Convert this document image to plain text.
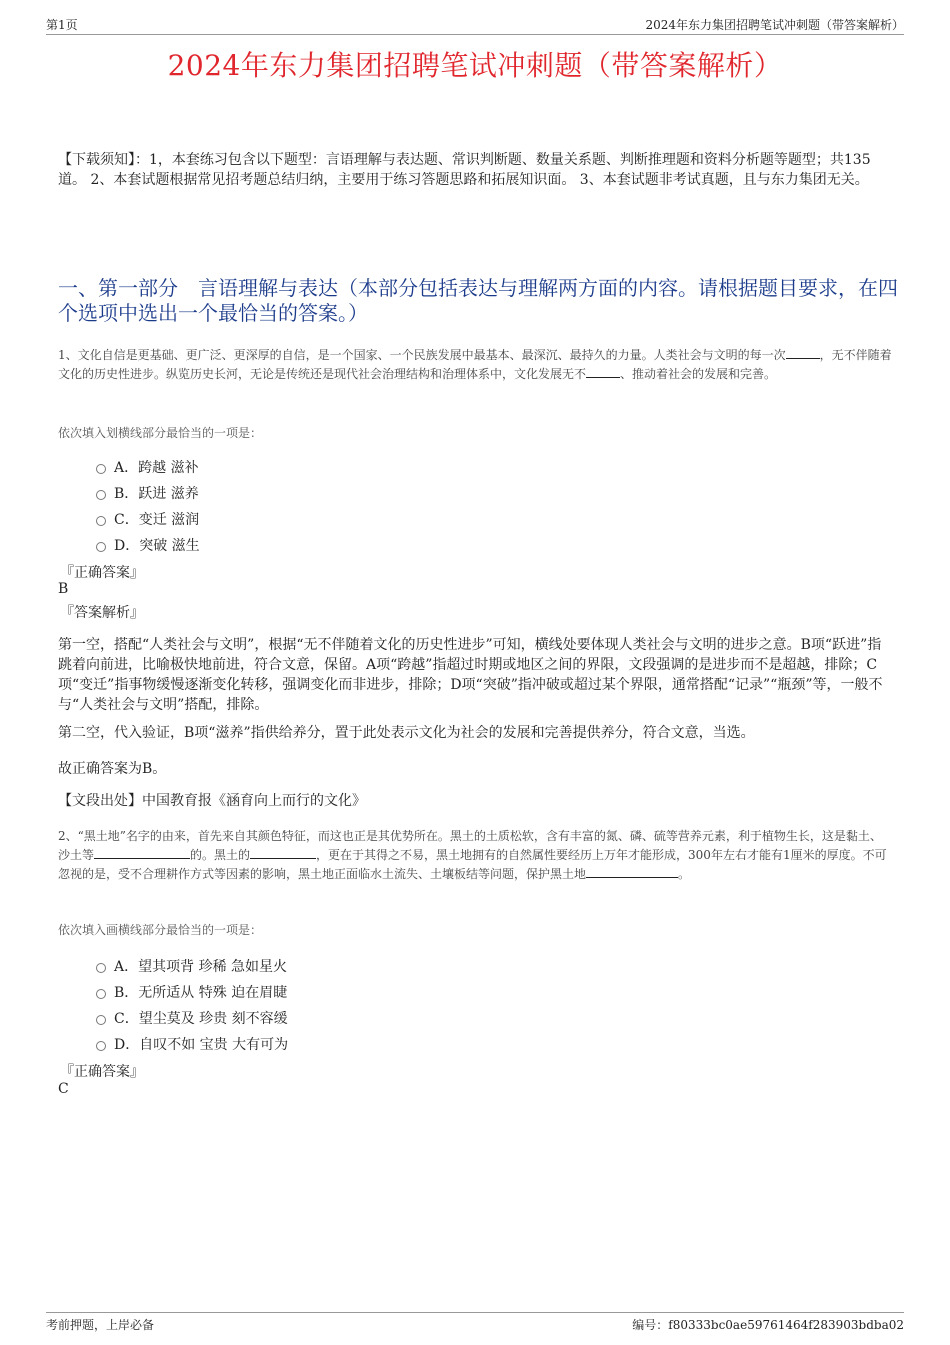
第1页	2024年东力集团招聘笔试冲刺题（带答案解析）
2024年东力集团招聘笔试冲刺题（带答案解析）
【下载须知】：1，本套练习包含以下题型：言语理解与表达题、常识判断题、数量关系题、判断推理题和资料分析题等题型；共135道。 2、本套试题根据常见招考题总结归纳，主要用于练习答题思路和拓展知识面。 3、本套试题非考试真题，且与东力集团无关。
一、第一部分　言语理解与表达（本部分包括表达与理解两方面的内容。请根据题目要求，在四个选项中选出一个最恰当的答案。）
1、文化自信是更基础、更广泛、更深厚的自信，是一个国家、一个民族发展中最基本、最深沉、最持久的力量。人类社会与文明的每一次	，无不伴随着文化的历史性进步。纵览历史长河，无论是传统还是现代社会治理结构和治理体系中，文化发展无不	、推动着社会的发展和完善。
依次填入划横线部分最恰当的一项是：
A．跨越 滋补
B．跃进 滋养
C．变迁 滋润
D．突破 滋生
『正确答案』
B
『答案解析』
第一空，搭配“人类社会与文明”，根据“无不伴随着文化的历史性进步”可知，横线处要体现人类社会与文明的进步之意。B项“跃进”指跳着向前进，比喻极快地前进，符合文意，保留。A项“跨越”指超过时期或地区之间的界限，文段强调的是进步而不是超越，排除；C项“变迁”指事物缓慢逐渐变化转移，强调变化而非进步，排除；D项“突破”指冲破或超过某个界限，通常搭配“记录”“瓶颈”等，一般不与“人类社会与文明”搭配，排除。
第二空，代入验证，B项“滋养”指供给养分，置于此处表示文化为社会的发展和完善提供养分，符合文意，当选。
故正确答案为B。
【文段出处】中国教育报《涵育向上而行的文化》
2、“黑土地”名字的由来，首先来自其颜色特征，而这也正是其优势所在。黑土的土质松软，含有丰富的氮、磷、硫等营养元素，利于植物生长，这是黏土、沙土等	的。黑土的	，更在于其得之不易，黑土地拥有的自然属性要经历上万年才能形成，300年左右才能有1厘米的厚度。不可忽视的是，受不合理耕作方式等因素的影响，黑土地正面临水土流失、土壤板结等问题，保护黑土地	。
依次填入画横线部分最恰当的一项是：
A．望其项背 珍稀 急如星火
B．无所适从 特殊 迫在眉睫
C．望尘莫及 珍贵 刻不容缓
D．自叹不如 宝贵 大有可为
『正确答案』
C
考前押题，上岸必备	编号：f80333bc0ae59761464f283903bdba02
